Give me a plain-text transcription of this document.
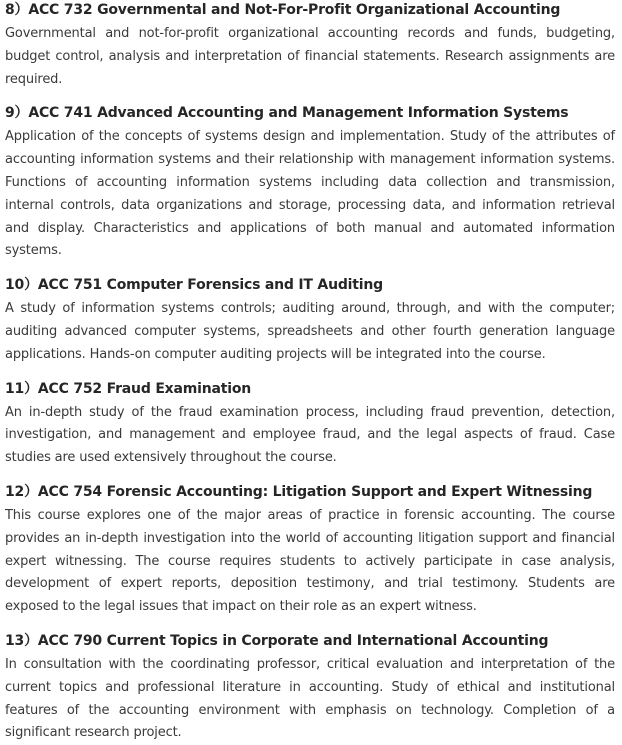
8）ACC 732 Governmental and Not-For-Profit Organizational Accounting

Governmental and not-for-profit organizational accounting records and funds, budgeting, budget control, analysis and interpretation of financial statements. Research assignments are required.

9）ACC 741 Advanced Accounting and Management Information Systems

Application of the concepts of systems design and implementation. Study of the attributes of accounting information systems and their relationship with management information systems. Functions of accounting information systems including data collection and transmission, internal controls, data organizations and storage, processing data, and information retrieval and display. Characteristics and applications of both manual and automated information systems.

10）ACC 751 Computer Forensics and IT Auditing

A study of information systems controls; auditing around, through, and with the computer; auditing advanced computer systems, spreadsheets and other fourth generation language applications. Hands-on computer auditing projects will be integrated into the course.

11）ACC 752 Fraud Examination

An in-depth study of the fraud examination process, including fraud prevention, detection, investigation, and management and employee fraud, and the legal aspects of fraud. Case studies are used extensively throughout the course.

12）ACC 754 Forensic Accounting: Litigation Support and Expert Witnessing

This course explores one of the major areas of practice in forensic accounting. The course provides an in-depth investigation into the world of accounting litigation support and financial expert witnessing. The course requires students to actively participate in case analysis, development of expert reports, deposition testimony, and trial testimony. Students are exposed to the legal issues that impact on their role as an expert witness.

13）ACC 790 Current Topics in Corporate and International Accounting

In consultation with the coordinating professor, critical evaluation and interpretation of the current topics and professional literature in accounting. Study of ethical and institutional features of the accounting environment with emphasis on technology. Completion of a significant research project.
